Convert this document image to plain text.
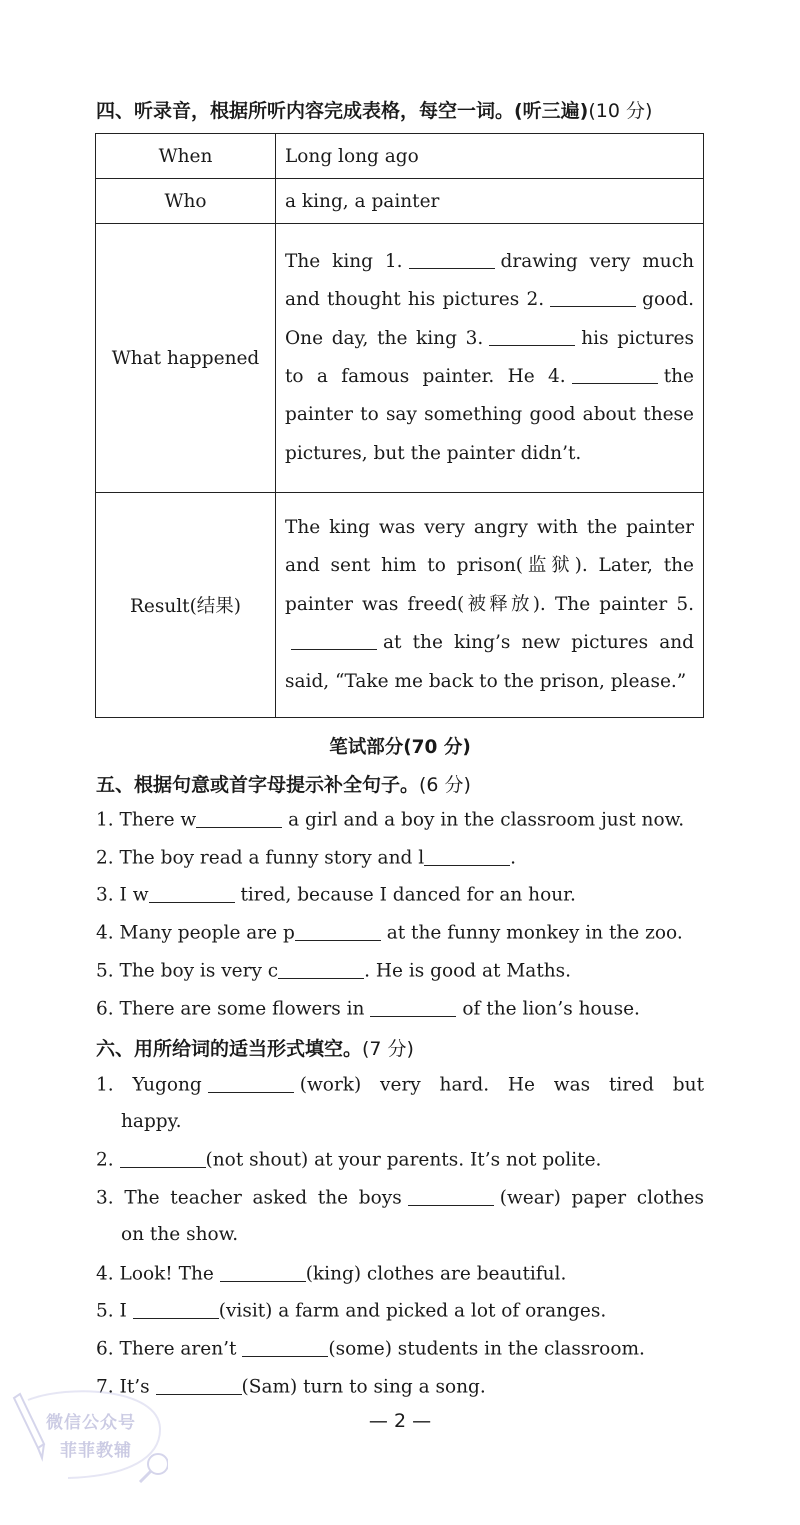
四、听录音，根据所听内容完成表格，每空一词。(听三遍)(10 分)
When	Long long ago
Who	a king, a painter
What happened	The king 1. drawing very much and thought his pictures 2. good. One day, the king 3. his pictures to a famous painter. He 4. the painter to say something good about these pictures, but the painter didn’t.

Result(结果)	The king was very angry with the painter and sent him to prison(监狱). Later, the painter was freed(被释放). The painter 5.at the king’s new pictures and said, “Take me back to the prison, please.”
笔试部分(70 分)
五、根据句意或首字母提示补全句子。(6 分)
1. There w	a girl and a boy in the classroom just now.
2. The boy read a funny story and l	.
3. I w	tired, because I danced for an hour.
4. Many people are p	at the funny monkey in the zoo.
5. The boy is very c	. He is good at Maths.
6. There are some flowers in	of the lion’s house.
六、用所给词的适当形式填空。(7 分)
1. Yugong	(work) very hard. He was tired but
happy.
2.	(not shout) at your parents. It’s not polite.
3. The teacher asked the boys	(wear) paper clothes
on the show.
4. Look! The	(king) clothes are beautiful.
5. I	(visit) a farm and picked a lot of oranges.
6. There aren’t	(some) students in the classroom.
7. It’s	(Sam) turn to sing a song.
— 2 —
微信公众号
菲菲教辅
